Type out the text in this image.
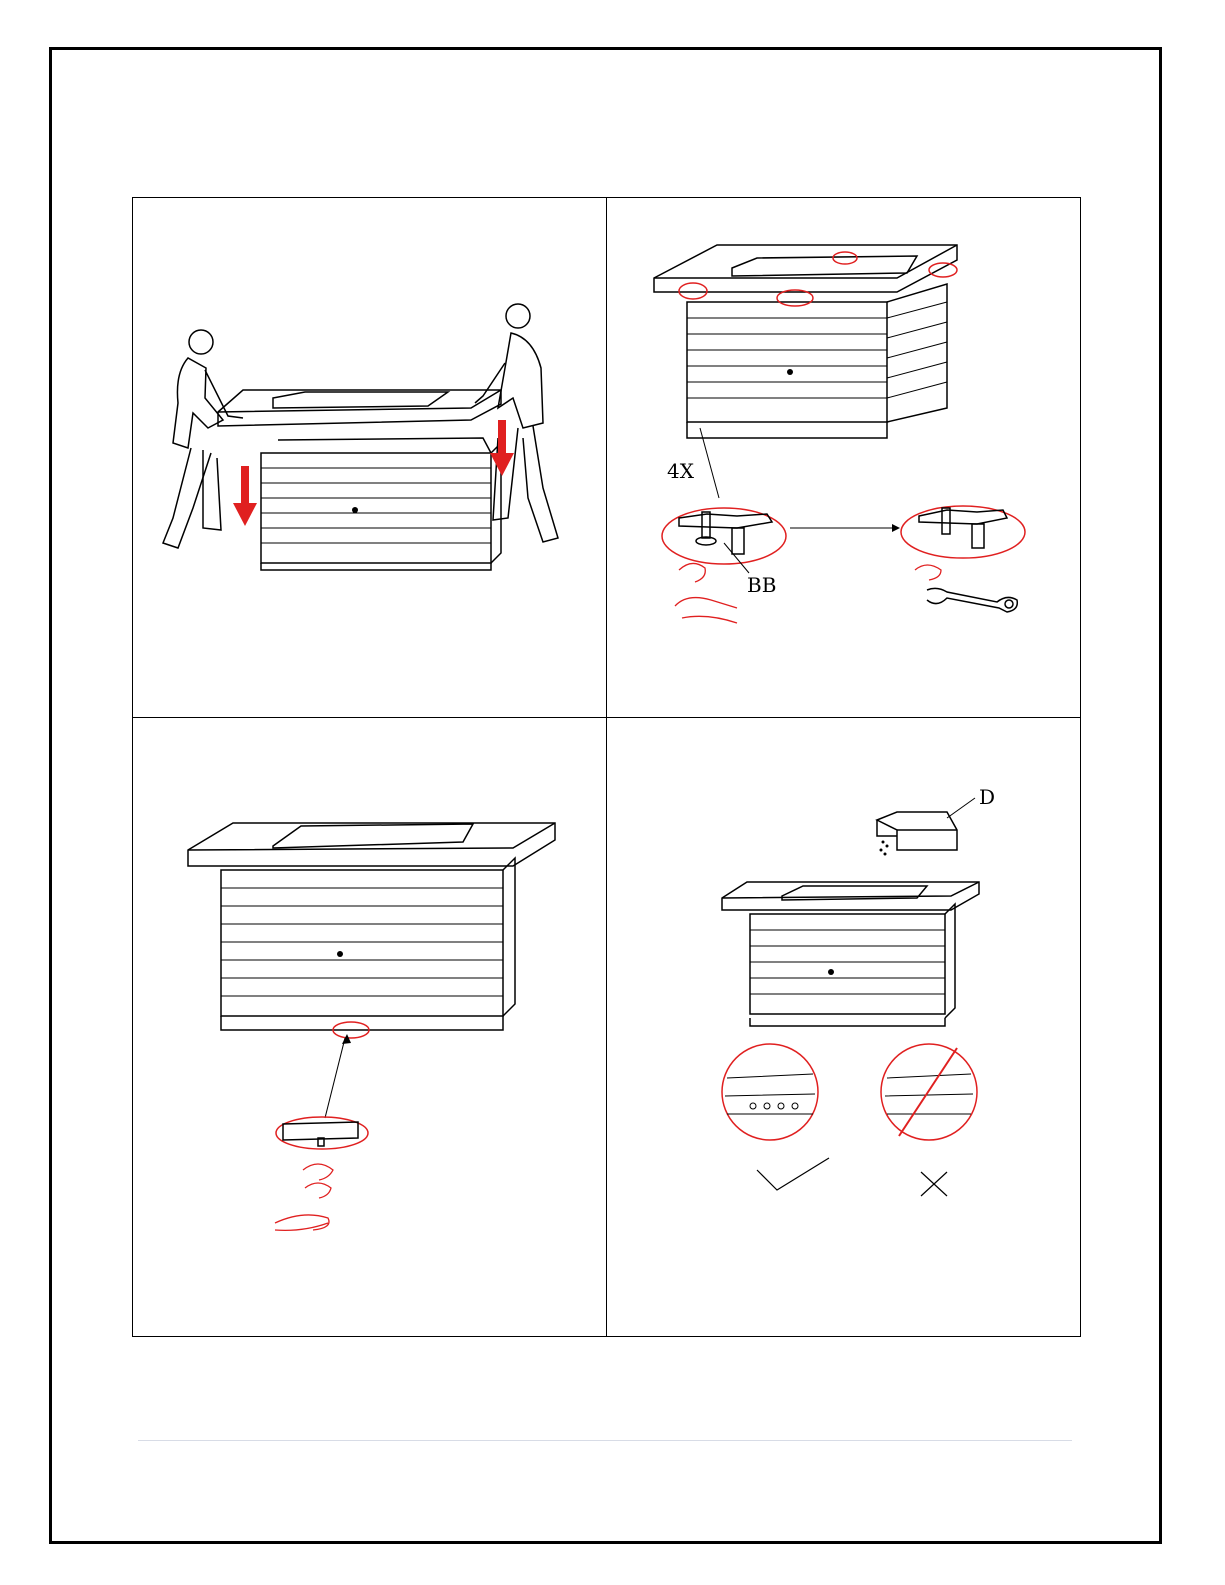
4X
BB
D
